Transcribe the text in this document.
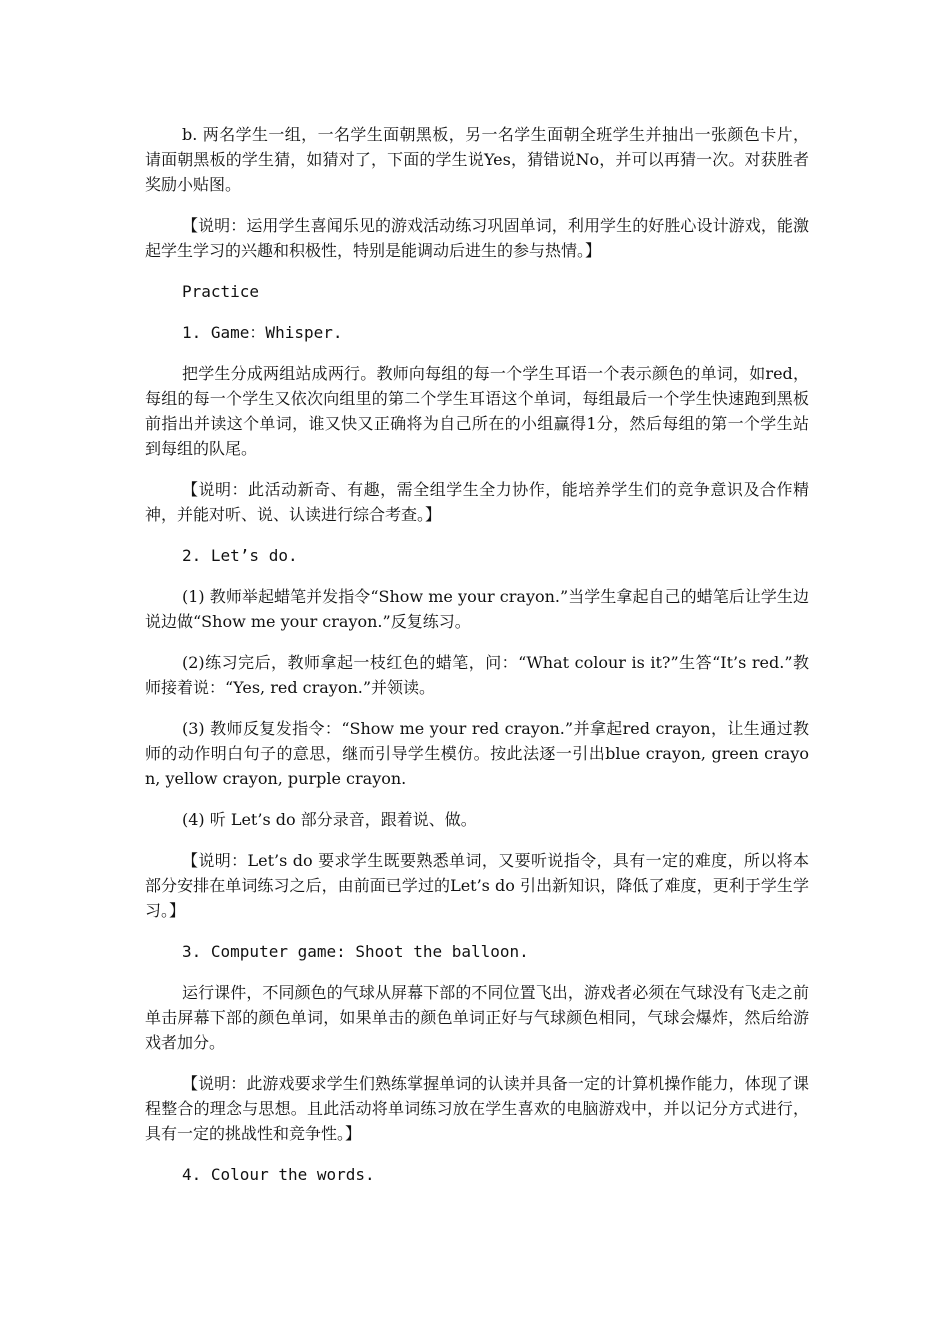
b. 两名学生一组，一名学生面朝黑板，另一名学生面朝全班学生并抽出一张颜色卡片，请面朝黑板的学生猜，如猜对了，下面的学生说Yes，猜错说No，并可以再猜一次。对获胜者奖励小贴图。

【说明：运用学生喜闻乐见的游戏活动练习巩固单词，利用学生的好胜心设计游戏，能激起学生学习的兴趣和积极性，特别是能调动后进生的参与热情。】

Practice

1. Game：Whisper.

把学生分成两组站成两行。教师向每组的每一个学生耳语一个表示颜色的单词，如red，每组的每一个学生又依次向组里的第二个学生耳语这个单词，每组最后一个学生快速跑到黑板前指出并读这个单词，谁又快又正确将为自己所在的小组赢得1分，然后每组的第一个学生站到每组的队尾。

【说明：此活动新奇、有趣，需全组学生全力协作，能培养学生们的竞争意识及合作精神，并能对听、说、认读进行综合考查。】

2. Let’s do.

(1) 教师举起蜡笔并发指令“Show me your crayon.”当学生拿起自己的蜡笔后让学生边说边做“Show me your crayon.”反复练习。

(2)练习完后，教师拿起一枝红色的蜡笔，问：“What colour is it?”生答“It’s red.”教师接着说：“Yes, red crayon.”并领读。

(3) 教师反复发指令：“Show me your red crayon.”并拿起red crayon，让生通过教师的动作明白句子的意思，继而引导学生模仿。按此法逐一引出blue crayon, green crayon, yellow crayon, purple crayon.

(4) 听 Let’s do 部分录音，跟着说、做。

【说明：Let’s do 要求学生既要熟悉单词，又要听说指令，具有一定的难度，所以将本部分安排在单词练习之后，由前面已学过的Let’s do 引出新知识，降低了难度，更利于学生学习。】

3. Computer game: Shoot the balloon.

运行课件，不同颜色的气球从屏幕下部的不同位置飞出，游戏者必须在气球没有飞走之前单击屏幕下部的颜色单词，如果单击的颜色单词正好与气球颜色相同，气球会爆炸，然后给游戏者加分。

【说明：此游戏要求学生们熟练掌握单词的认读并具备一定的计算机操作能力，体现了课程整合的理念与思想。且此活动将单词练习放在学生喜欢的电脑游戏中，并以记分方式进行，具有一定的挑战性和竞争性。】

4. Colour the words.
